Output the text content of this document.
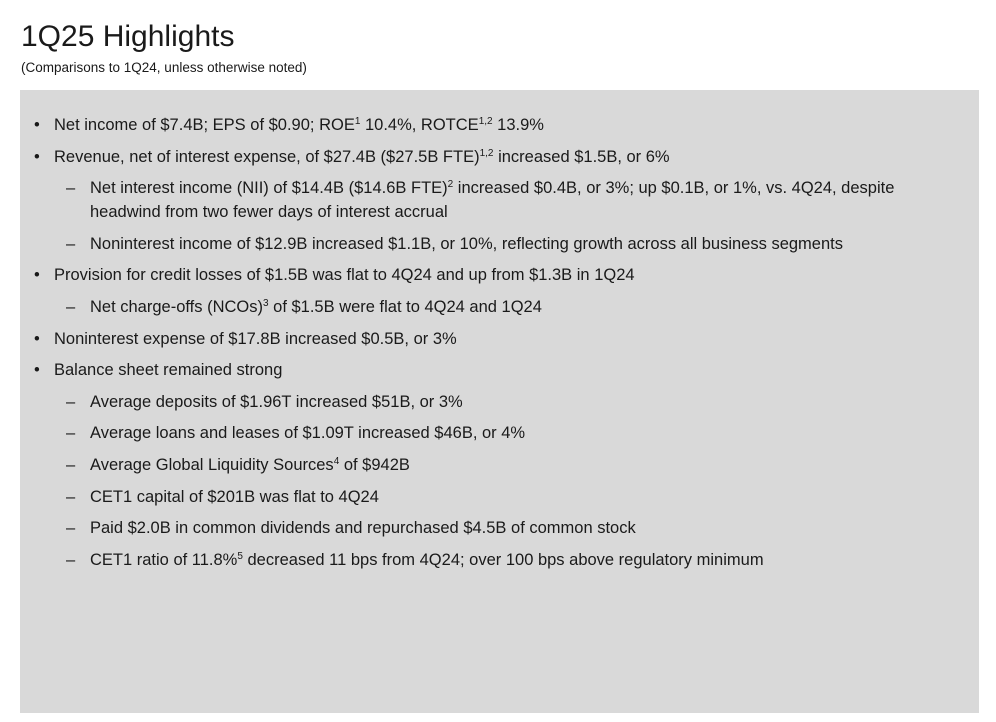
1Q25 Highlights
(Comparisons to 1Q24, unless otherwise noted)
• Net income of $7.4B; EPS of $0.90; ROE$^1$ 10.4%, ROTCE$^{1,2}$ 13.9%
• Revenue, net of interest expense, of $27.4B ($27.5B FTE)$^{1,2}$ increased $1.5B, or 6%
– Net interest income (NII) of $14.4B ($14.6B FTE)$^2$ increased $0.4B, or 3%; up $0.1B, or 1%, vs. 4Q24, despite headwind from two fewer days of interest accrual
– Noninterest income of $12.9B increased $1.1B, or 10%, reflecting growth across all business segments
• Provision for credit losses of $1.5B was flat to 4Q24 and up from $1.3B in 1Q24
– Net charge-offs (NCOs)$^3$ of $1.5B were flat to 4Q24 and 1Q24
• Noninterest expense of $17.8B increased $0.5B, or 3%
• Balance sheet remained strong
– Average deposits of $1.96T increased $51B, or 3%
– Average loans and leases of $1.09T increased $46B, or 4%
– Average Global Liquidity Sources$^4$ of $942B
– CET1 capital of $201B was flat to 4Q24
– Paid $2.0B in common dividends and repurchased $4.5B of common stock
– CET1 ratio of 11.8%$^5$ decreased 11 bps from 4Q24; over 100 bps above regulatory minimum
